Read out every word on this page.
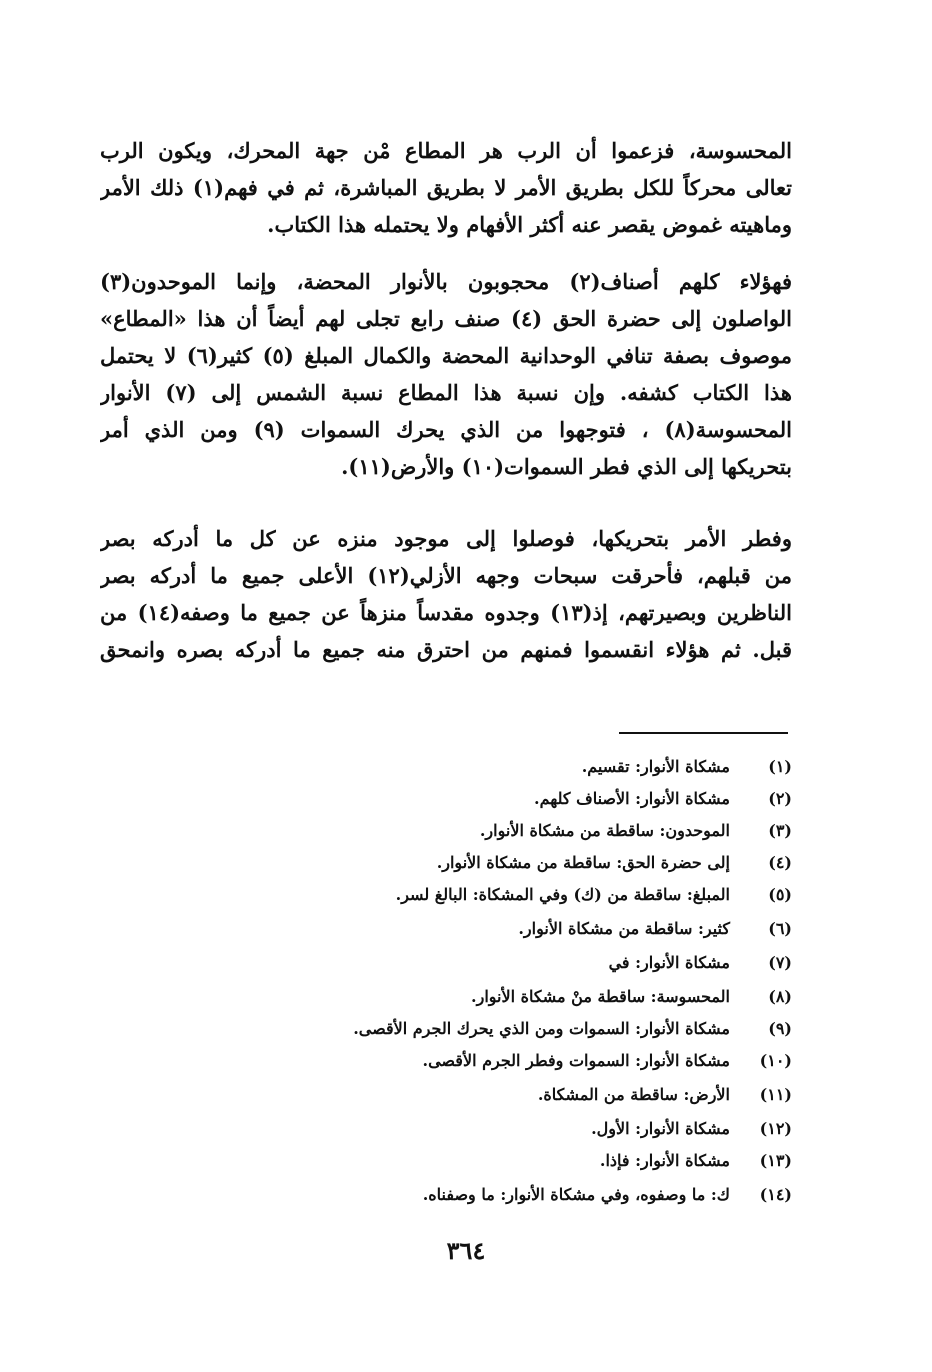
المحسوسة، فزعموا أن الرب هر المطاع مْن جهة المحرك، ويكون الرب
تعالى محركاً للكل بطريق الأمر لا بطريق المباشرة، ثم في فهم(١) ذلك الأمر
وماهيته غموض يقصر عنه أكثر الأفهام ولا يحتمله هذا الكتاب.
فهؤلاء كلهم أصناف(٢) محجوبون بالأنوار المحضة، وإنما الموحدون(٣)
الواصلون إلى حضرة الحق (٤) صنف رابع تجلى لهم أيضاً أن هذا «المطاع»
موصوف بصفة تنافي الوحدانية المحضة والكمال المبلغ (٥) كثير(٦) لا يحتمل
هذا الكتاب كشفه. وإن نسبة هذا المطاع نسبة الشمس إلى (٧) الأنوار
المحسوسة(٨) ، فتوجهوا من الذي يحرك السموات (٩) ومن الذي أمر
بتحريكها إلى الذي فطر السموات(١٠) والأرض(١١).
وفطر الأمر بتحريكها، فوصلوا إلى موجود منزه عن كل ما أدركه بصر
من قبلهم، فأحرقت سبحات وجهه الأزلي(١٢) الأعلى جميع ما أدركه بصر
الناظرين وبصيرتهم، إذ(١٣) وجدوه مقدساً منزهاً عن جميع ما وصفه(١٤) من
قبل. ثم هؤلاء انقسموا فمنهم من احترق منه جميع ما أدركه بصره وانمحق
(١)مشكاة الأنوار: تقسيم.
(٢)مشكاة الأنوار: الأصناف كلهم.
(٣)الموحدون: ساقطة من مشكاة الأنوار.
(٤)إلى حضرة الحق: ساقطة من مشكاة الأنوار.
(٥)المبلغ: ساقطة من (ك) وفي المشكاة: البالغ لسر.
(٦)كثير: ساقطة من مشكاة الأنوار.
(٧)مشكاة الأنوار: في
(٨)المحسوسة: ساقطة منْ مشكاة الأنوار.
(٩)مشكاة الأنوار: السموات ومن الذي يحرك الجرم الأقصى.
(١٠)مشكاة الأنوار: السموات وفطر الجرم الأقصى.
(١١)الأرض: ساقطة من المشكاة.
(١٢)مشكاة الأنوار: الأول.
(١٣)مشكاة الأنوار: فإذا.
(١٤)ك: ما وصفوه، وفي مشكاة الأنوار: ما وصفناه.
٣٦٤
